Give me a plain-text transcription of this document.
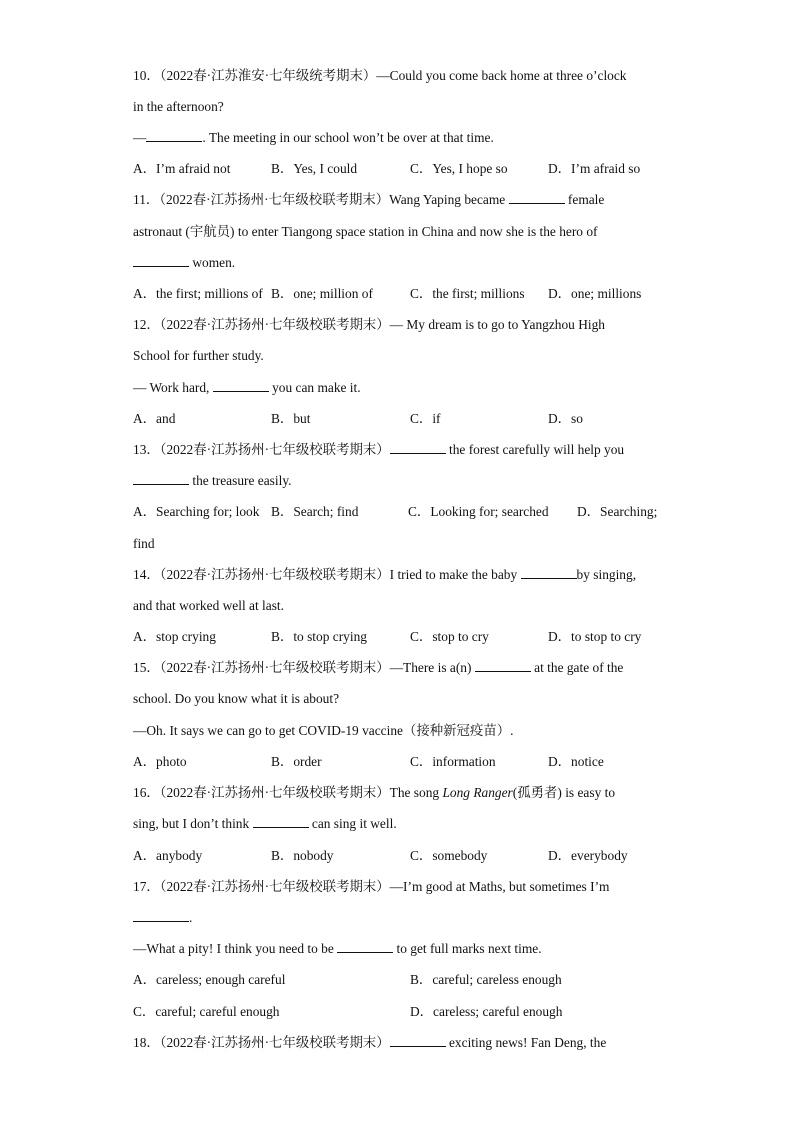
10．（2022春·江苏淮安·七年级统考期末）—Could you come back home at three o’clock
in the afternoon?
—	. The meeting in our school won’t be over at that time.
A．I’m afraid not	B．Yes, I could	C．Yes, I hope so	D．I’m afraid so
11．（2022春·江苏扬州·七年级校联考期末）Wang Yaping became	female
astronaut (宇航员) to enter Tiangong space station in China and now she is the hero of
women.
A．the first; millions of B．one; million of	C．the first; millions D．one; millions
12．（2022春·江苏扬州·七年级校联考期末）— My dream is to go to Yangzhou High
School for further study.
— Work hard,	you can make it.
A．and	B．but	C．if	D．so
13．（2022春·江苏扬州·七年级校联考期末）	the forest carefully will help you
the treasure easily.
A．Searching for; look B．Search; find	C．Looking for; searched D．Searching;
find
14．（2022春·江苏扬州·七年级校联考期末）I tried to make the baby	by singing,
and that worked well at last.
A．stop crying	B．to stop crying	C．stop to cry	D．to stop to cry
15．（2022春·江苏扬州·七年级校联考期末）—There is a(n)	at the gate of the
school. Do you know what it is about?
—Oh. It says we can go to get COVID-19 vaccine（接种新冠疫苗）.
A．photo	B．order	C．information	D．notice
16．（2022春·江苏扬州·七年级校联考期末）The song Long Ranger(孤勇者) is easy to
sing, but I don’t think	can sing it well.
A．anybody	B．nobody	C．somebody	D．everybody
17．（2022春·江苏扬州·七年级校联考期末）—I’m good at Maths, but sometimes I’m
.
—What a pity! I think you need to be	to get full marks next time.
A．careless; enough careful	B．careful; careless enough
C．careful; careful enough	D．careless; careful enough
18．（2022春·江苏扬州·七年级校联考期末）	exciting news! Fan Deng, the
